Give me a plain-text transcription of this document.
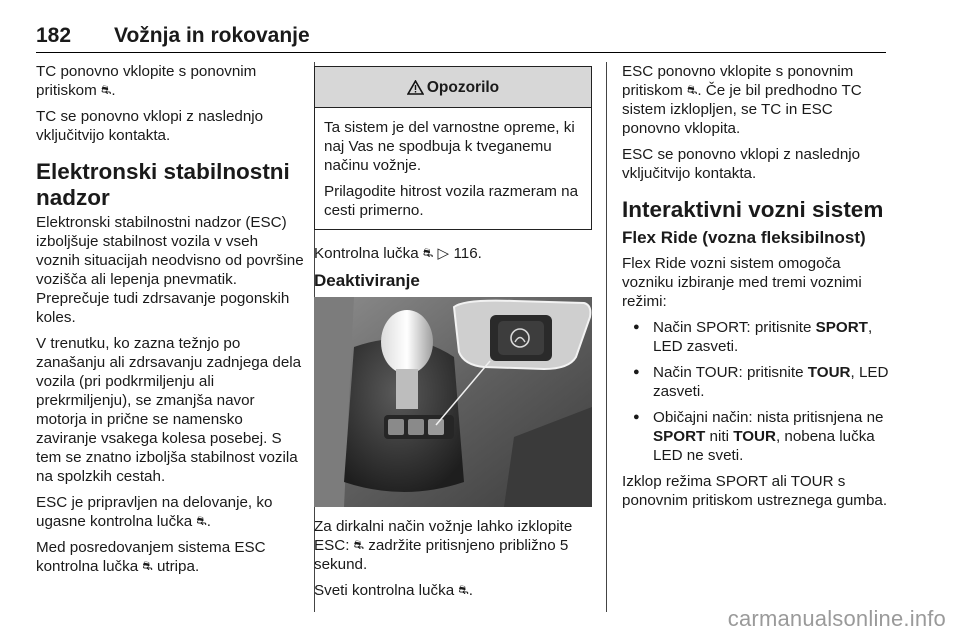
182 Vožnja in rokovanje

TC ponovno vklopite s ponovnim pritiskom ⛐.

TC se ponovno vklopi z naslednjo vključitvijo kontakta.

Elektronski stabilnostni nadzor

Elektronski stabilnostni nadzor (ESC) izboljšuje stabilnost vozila v vseh voznih situacijah neodvisno od površine vozišča ali lepenja pnevmatik. Preprečuje tudi zdrsavanje pogonskih koles.

V trenutku, ko zazna težnjo po zanašanju ali zdrsavanju zadnjega dela vozila (pri podkrmiljenju ali prekrmiljenju), se zmanjša navor motorja in prične se namensko zaviranje vsakega kolesa posebej. S tem se znatno izboljša stabilnost vozila na spolzkih cestah.

ESC je pripravljen na delovanje, ko ugasne kontrolna lučka ⛐.

Med posredovanjem sistema ESC kontrolna lučka ⛐ utripa.

Opozorilo

Ta sistem je del varnostne opreme, ki naj Vas ne spodbuja k tveganemu načinu vožnje.

Prilagodite hitrost vozila razmeram na cesti primerno.

Kontrolna lučka ⛐ ▷ 116.

Deaktiviranje

Za dirkalni način vožnje lahko izklopite ESC: ⛐ zadržite pritisnjeno približno 5 sekund.

Sveti kontrolna lučka ⛐.

ESC ponovno vklopite s ponovnim pritiskom ⛐. Če je bil predhodno TC sistem izklopljen, se TC in ESC ponovno vklopita.

ESC se ponovno vklopi z naslednjo vključitvijo kontakta.

Interaktivni vozni sistem
Flex Ride (vozna fleksibilnost)

Flex Ride vozni sistem omogoča vozniku izbiranje med tremi voznimi režimi:

● Način SPORT: pritisnite SPORT, LED zasveti.
● Način TOUR: pritisnite TOUR, LED zasveti.
● Običajni način: nista pritisnjena ne SPORT niti TOUR, nobena lučka LED ne sveti.

Izklop režima SPORT ali TOUR s ponovnim pritiskom ustreznega gumba.

carmanualsonline.info
